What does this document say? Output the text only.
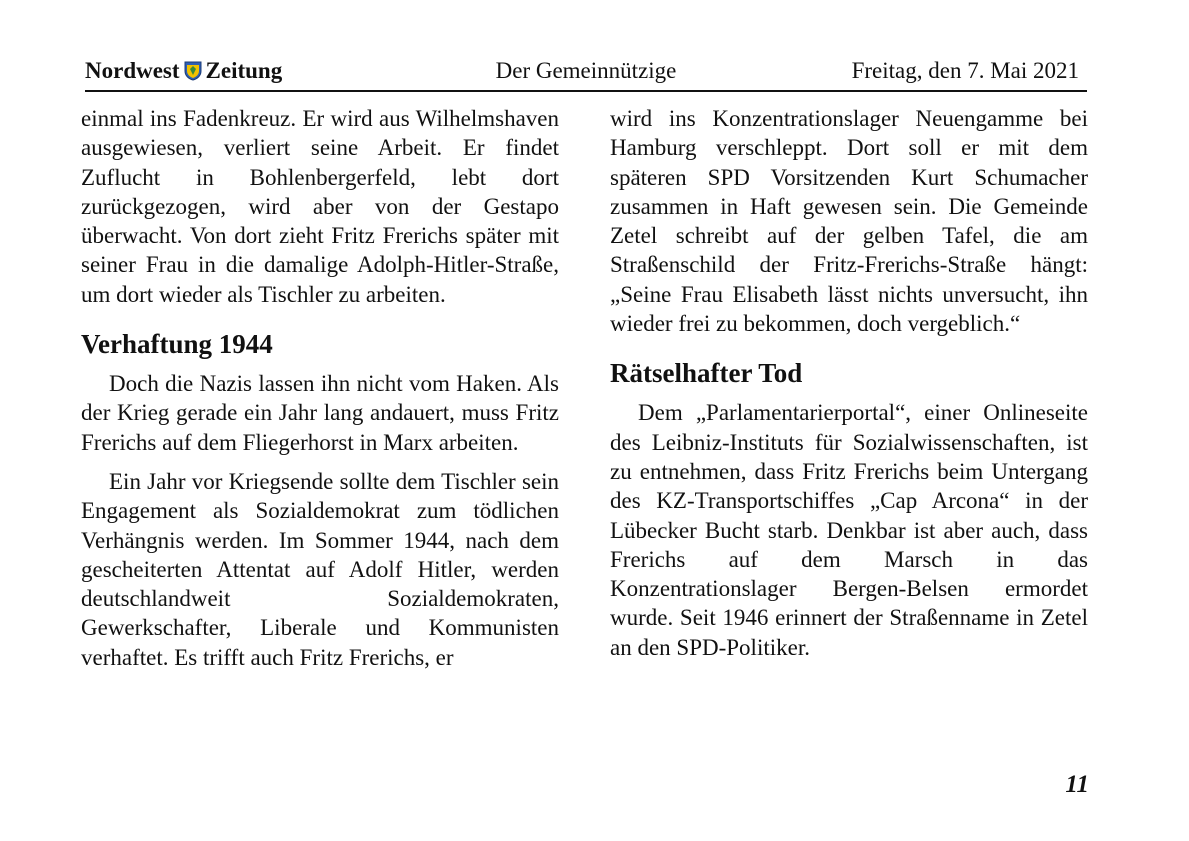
Nordwest Zeitung	Der Gemeinnützige	Freitag, den 7. Mai 2021

einmal ins Fadenkreuz. Er wird aus Wilhelmshaven ausgewiesen, verliert seine Arbeit. Er findet Zuflucht in Bohlenbergerfeld, lebt dort zurückgezogen, wird aber von der Gestapo überwacht. Von dort zieht Fritz Frerichs später mit seiner Frau in die damalige Adolph-Hitler-Straße, um dort wieder als Tischler zu arbeiten.

Verhaftung 1944

Doch die Nazis lassen ihn nicht vom Haken. Als der Krieg gerade ein Jahr lang andauert, muss Fritz Frerichs auf dem Fliegerhorst in Marx arbeiten.

Ein Jahr vor Kriegsende sollte dem Tischler sein Engagement als Sozialdemokrat zum tödlichen Verhängnis werden. Im Sommer 1944, nach dem gescheiterten Attentat auf Adolf Hitler, werden deutschlandweit Sozialdemokraten, Gewerkschafter, Liberale und Kommunisten verhaftet. Es trifft auch Fritz Frerichs, er

wird ins Konzentrationslager Neuengamme bei Hamburg verschleppt. Dort soll er mit dem späteren SPD Vorsitzenden Kurt Schumacher zusammen in Haft gewesen sein. Die Gemeinde Zetel schreibt auf der gelben Tafel, die am Straßenschild der Fritz-Frerichs-Straße hängt: „Seine Frau Elisabeth lässt nichts unversucht, ihn wieder frei zu bekommen, doch vergeblich.“

Rätselhafter Tod

Dem „Parlamentarierportal“, einer Onlineseite des Leibniz-Instituts für Sozialwissenschaften, ist zu entnehmen, dass Fritz Frerichs beim Untergang des KZ-Transportschiffes „Cap Arcona“ in der Lübecker Bucht starb. Denkbar ist aber auch, dass Frerichs auf dem Marsch in das Konzentrationslager Bergen-Belsen ermordet wurde. Seit 1946 erinnert der Straßenname in Zetel an den SPD-Politiker.

11
